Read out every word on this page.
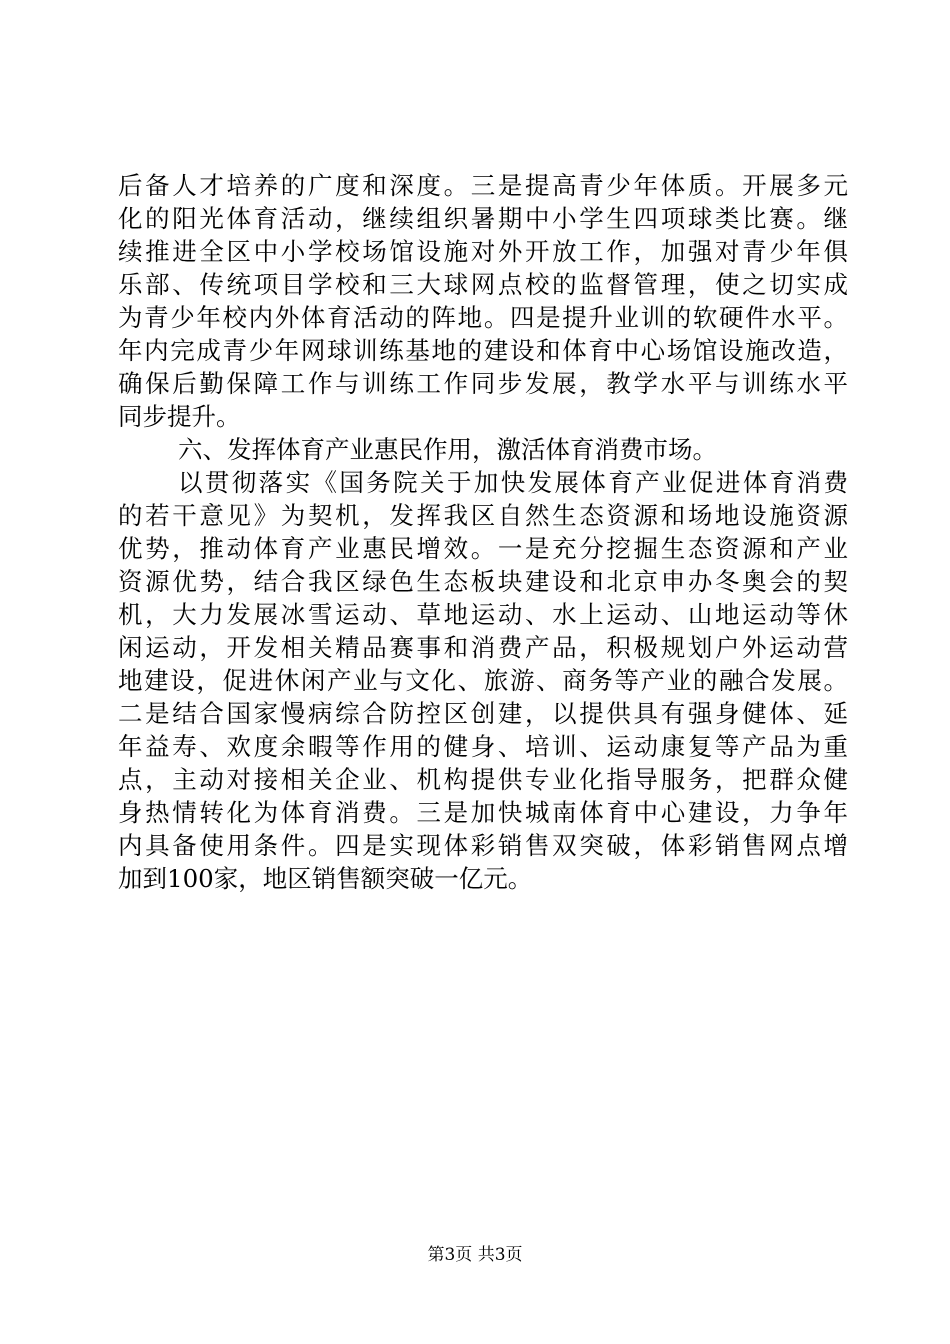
后备人才培养的广度和深度。三是提高青少年体质。开展多元
化的阳光体育活动，继续组织暑期中小学生四项球类比赛。继
续推进全区中小学校场馆设施对外开放工作，加强对青少年俱
乐部、传统项目学校和三大球网点校的监督管理，使之切实成
为青少年校内外体育活动的阵地。四是提升业训的软硬件水平。
年内完成青少年网球训练基地的建设和体育中心场馆设施改造，
确保后勤保障工作与训练工作同步发展，教学水平与训练水平
同步提升。
六、发挥体育产业惠民作用，激活体育消费市场。
以贯彻落实《国务院关于加快发展体育产业促进体育消费
的若干意见》为契机，发挥我区自然生态资源和场地设施资源
优势，推动体育产业惠民增效。一是充分挖掘生态资源和产业
资源优势，结合我区绿色生态板块建设和北京申办冬奥会的契
机，大力发展冰雪运动、草地运动、水上运动、山地运动等休
闲运动，开发相关精品赛事和消费产品，积极规划户外运动营
地建设，促进休闲产业与文化、旅游、商务等产业的融合发展。
二是结合国家慢病综合防控区创建，以提供具有强身健体、延
年益寿、欢度余暇等作用的健身、培训、运动康复等产品为重
点，主动对接相关企业、机构提供专业化指导服务，把群众健
身热情转化为体育消费。三是加快城南体育中心建设，力争年
内具备使用条件。四是实现体彩销售双突破，体彩销售网点增
加到100家，地区销售额突破一亿元。
第3页 共3页
